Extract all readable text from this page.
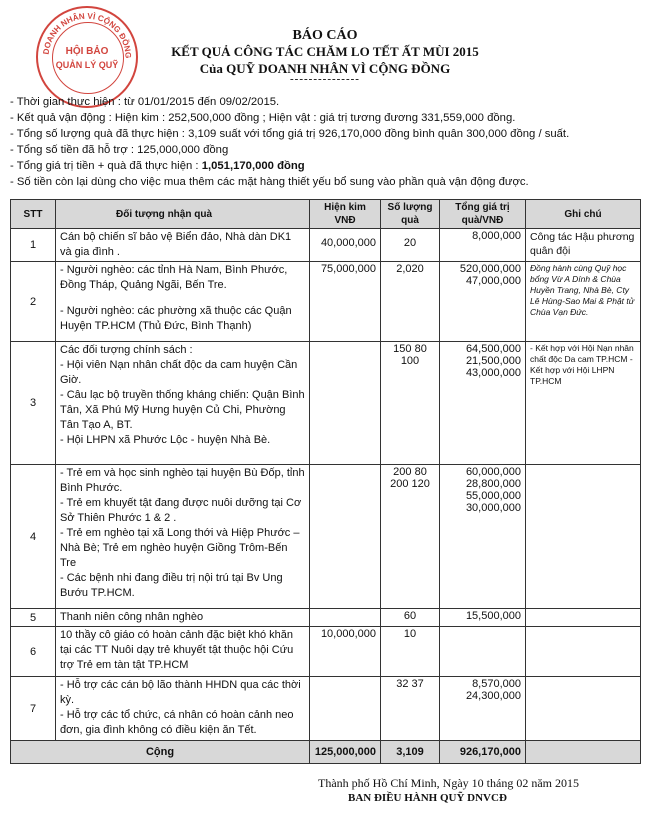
DOANH NHÂN VÌ CỘNG ĐỒNG
HỘI BẢO
QUẢN LÝ QUỸ
BÁO CÁO
KẾT QUẢ CÔNG TÁC CHĂM LO TẾT ẤT MÙI 2015
Của QUỸ DOANH NHÂN VÌ CỘNG ĐỒNG
---------------
- Thời gian thực hiện : từ 01/01/2015 đến 09/02/2015.
- Kết quả vận động : Hiện kim : 252,500,000 đồng ; Hiện vật : giá trị tương đương 331,559,000 đồng.
- Tổng số lượng quà đã thực hiện : 3,109 suất với tổng giá trị 926,170,000 đồng bình quân 300,000 đồng / suất.
- Tổng số tiền đã hỗ trợ : 125,000,000 đồng
- Tổng giá trị tiền + quà đã thực hiện : 1,051,170,000 đồng
- Số tiền còn lại dùng cho việc mua thêm các mặt hàng thiết yếu bổ sung vào phần quà vận động được.
STT	Đối tượng nhận quà	Hiện kim VNĐ	Số lượng quà	Tổng giá trị quà/VNĐ	Ghi chú
1	Cán bộ chiến sĩ bảo vệ Biển đảo, Nhà dàn DK1 và gia đình .	40,000,000	20	8,000,000	Công tác Hậu phương quân đội
2	- Người nghèo: các tỉnh Hà Nam, Bình Phước, Đồng Tháp, Quảng Ngãi, Bến Tre.
- Người nghèo: các phường xã thuộc các Quận Huyện TP.HCM (Thủ Đức, Bình Thạnh)	75,000,000	2,020	520,000,000 47,000,000	Đồng hành cùng Quỹ học bổng Vừ A Dính & Chùa Huyền Trang, Nhà Bè, Cty Lê Hùng-Sao Mai & Phật tử Chùa Vạn Đức.
3	Các đối tượng chính sách :
- Hội viên Nạn nhân chất độc da cam huyện Cần Giờ.
- Câu lạc bộ truyền thống kháng chiến: Quận Bình Tân, Xã Phú Mỹ Hưng huyện Củ Chi, Phường Tân Tạo A, BT.
- Hội LHPN xã Phước Lộc - huyện Nhà Bè.		150 80 100	64,500,000 21,500,000 43,000,000	- Kết hợp với Hội Nạn nhân chất độc Da cam TP.HCM - Kết hợp với Hội LHPN TP.HCM
4	- Trẻ em và học sinh nghèo tại huyện Bù Đốp, tỉnh Bình Phước.
- Trẻ em khuyết tật đang được nuôi dưỡng tại Cơ Sở Thiên Phước 1 & 2 .
- Trẻ em nghèo tại xã Long thới và Hiệp Phước – Nhà Bè; Trẻ em nghèo huyện Giồng Trôm-Bến Tre
- Các bệnh nhi đang điều trị nội trú tại Bv Ung Bướu TP.HCM.		200 80 200 120	60,000,000 28,800,000 55,000,000 30,000,000	
5	Thanh niên công nhân nghèo		60	15,500,000	
6	10 thầy cô giáo có hoàn cảnh đặc biệt khó khăn tại các TT Nuôi dạy trẻ khuyết tật thuộc hội Cứu trợ Trẻ em tàn tật TP.HCM	10,000,000	10		
7	- Hỗ trợ các cán bộ lão thành HHDN qua các thời kỳ.
- Hỗ trợ các tổ chức, cá nhân có hoàn cảnh neo đơn, gia đình không có điều kiện ăn Tết.		32 37	8,570,000 24,300,000	
Cộng		125,000,000	3,109	926,170,000	
Thành phố Hồ Chí Minh, Ngày 10 tháng 02 năm 2015
BAN ĐIỀU HÀNH QUỸ DNVCĐ
